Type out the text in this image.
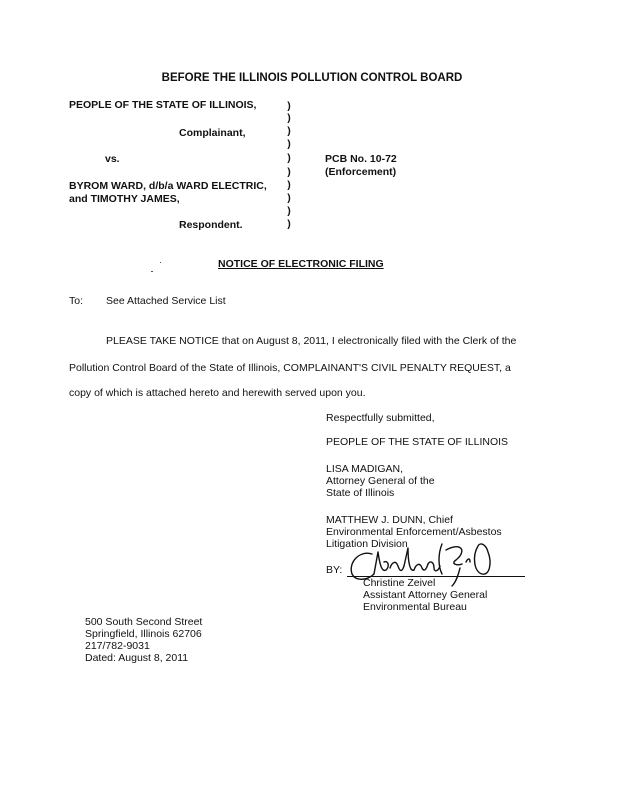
BEFORE THE ILLINOIS POLLUTION CONTROL BOARD
PEOPLE OF THE STATE OF ILLINOIS,
Complainant,
vs.
BYROM WARD, d/b/a WARD ELECTRIC,
and TIMOTHY JAMES,
Respondent.
)
)
)
)
)
)
)
)
)
)
PCB No. 10-72
(Enforcement)
NOTICE OF ELECTRONIC FILING
To: See Attached Service List
PLEASE TAKE NOTICE that on August 8, 2011, I electronically filed with the Clerk of the
Pollution Control Board of the State of Illinois, COMPLAINANT'S CIVIL PENALTY REQUEST, a
copy of which is attached hereto and herewith served upon you.
Respectfully submitted,
PEOPLE OF THE STATE OF ILLINOIS
LISA MADIGAN,
Attorney General of the
State of Illinois
MATTHEW J. DUNN, Chief
Environmental Enforcement/Asbestos
Litigation Division
BY:
Christine Zeivel
Assistant Attorney General
Environmental Bureau
500 South Second Street
Springfield, Illinois 62706
217/782-9031
Dated: August 8, 2011
